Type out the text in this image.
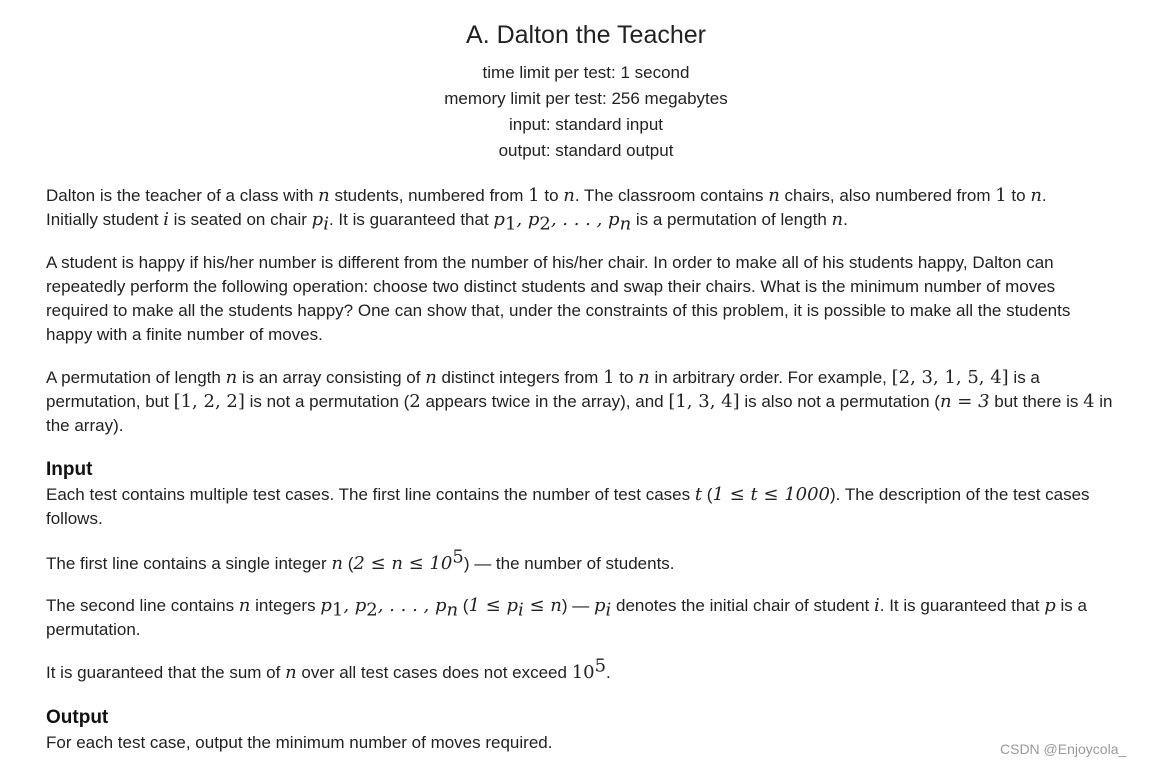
A. Dalton the Teacher
time limit per test: 1 second
memory limit per test: 256 megabytes
input: standard input
output: standard output

Dalton is the teacher of a class with n students, numbered from 1 to n. The classroom contains n chairs, also numbered from 1 to n.
Initially student i is seated on chair $p_i$. It is guaranteed that $p_1$, $p_2$, . . . , $p_n$ is a permutation of length n.

A student is happy if his/her number is different from the number of his/her chair. In order to make all of his students happy, Dalton can repeatedly perform the following operation: choose two distinct students and swap their chairs. What is the minimum number of moves required to make all the students happy? One can show that, under the constraints of this problem, it is possible to make all the students happy with a finite number of moves.

A permutation of length n is an array consisting of n distinct integers from 1 to n in arbitrary order. For example, [2, 3, 1, 5, 4] is a permutation, but [1, 2, 2] is not a permutation (2 appears twice in the array), and [1, 3, 4] is also not a permutation (n = 3 but there is 4 in the array).

Input

Each test contains multiple test cases. The first line contains the number of test cases t (1 ≤ t ≤ 1000). The description of the test cases follows.

The first line contains a single integer n $(2 \le n \le 10^5)$ — the number of students.

The second line contains n integers $p_1$, $p_2$, . . . , $p_n$ $(1 \le p_i \le n)$ — $p_i$ denotes the initial chair of student i. It is guaranteed that p is a permutation.

It is guaranteed that the sum of n over all test cases does not exceed $10^5$.

Output

For each test case, output the minimum number of moves required.	CSDN @Enjoycola_
